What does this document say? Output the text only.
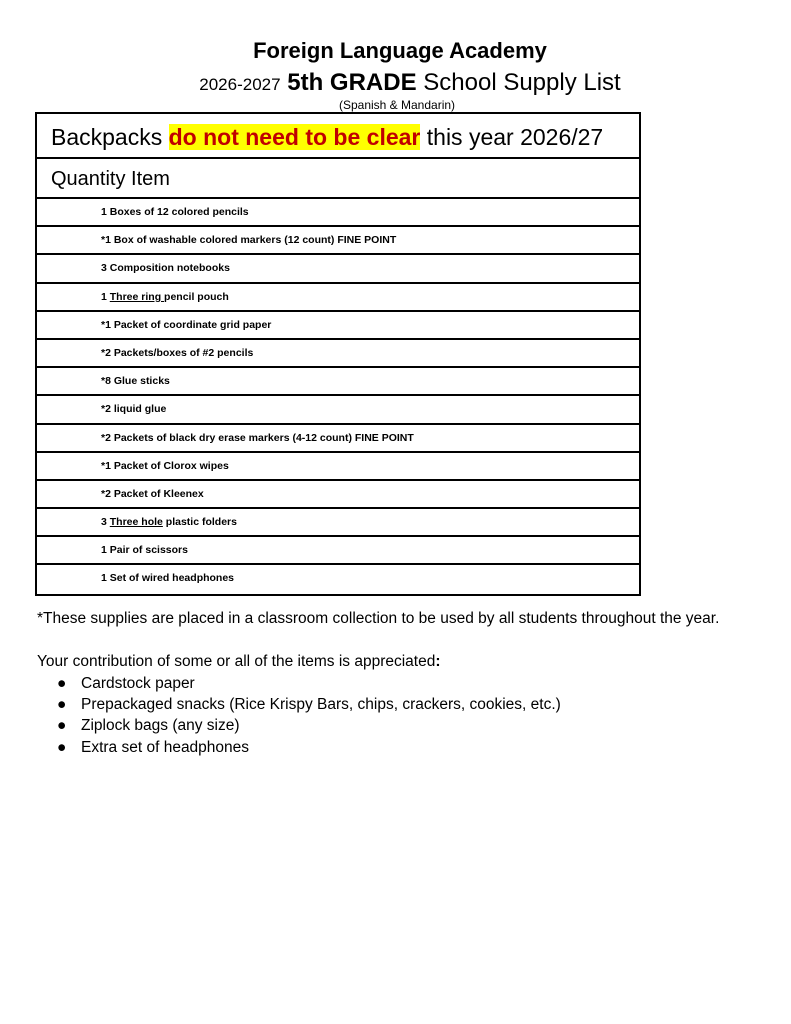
Foreign Language Academy
2026-2027 5th GRADE School Supply List
(Spanish & Mandarin)
Backpacks do not need to be clear this year 2026/27
Quantity Item
1 Boxes of 12 colored pencils
*1 Box of washable colored markers (12 count) FINE POINT
3 Composition notebooks
1 Three ring pencil pouch
*1 Packet of coordinate grid paper
*2 Packets/boxes of #2 pencils
*8 Glue sticks
*2 liquid glue
*2 Packets of black dry erase markers (4-12 count) FINE POINT
*1 Packet of Clorox wipes
*2 Packet of Kleenex
3 Three hole plastic folders
1 Pair of scissors
1 Set of wired headphones
*These supplies are placed in a classroom collection to be used by all students throughout the year.
Your contribution of some or all of the items is appreciated:
● Cardstock paper
● Prepackaged snacks (Rice Krispy Bars, chips, crackers, cookies, etc.)
● Ziplock bags (any size)
● Extra set of headphones
